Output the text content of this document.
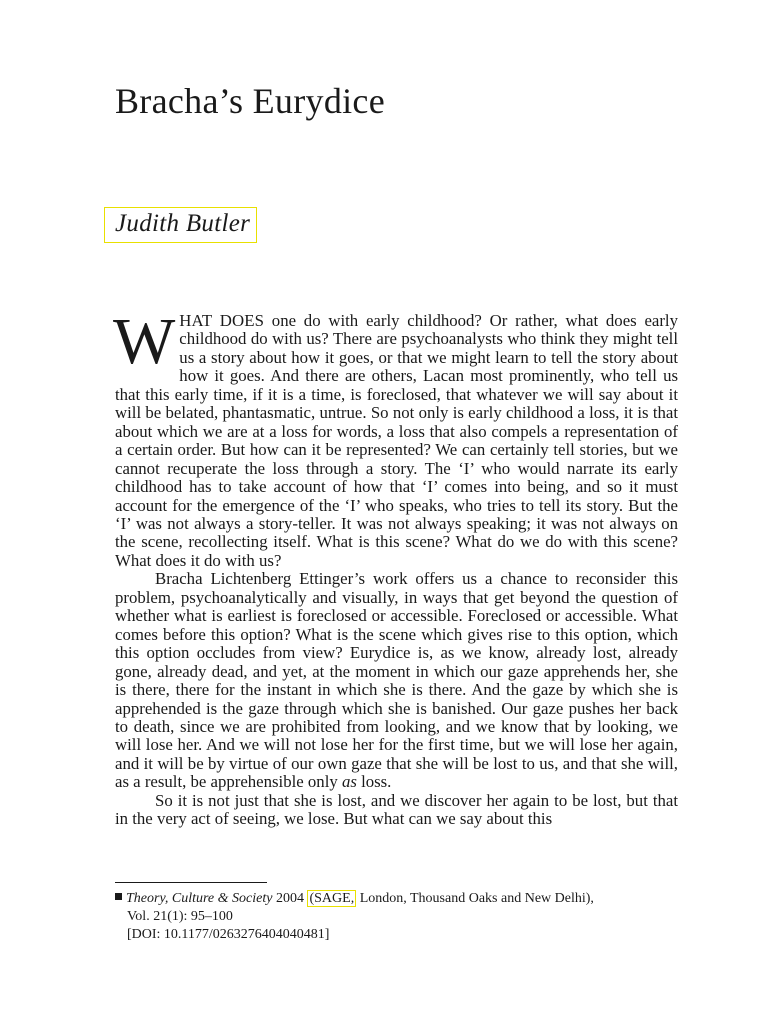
Bracha’s Eurydice
Judith Butler

WHAT DOES one do with early childhood? Or rather, what does early childhood do with us? There are psychoanalysts who think they might tell us a story about how it goes, or that we might learn to tell the story about how it goes. And there are others, Lacan most prominently, who tell us that this early time, if it is a time, is foreclosed, that whatever we will say about it will be belated, phantasmatic, untrue. So not only is early childhood a loss, it is that about which we are at a loss for words, a loss that also compels a representation of a certain order. But how can it be represented? We can certainly tell stories, but we cannot recuperate the loss through a story. The ‘I’ who would narrate its early childhood has to take account of how that ‘I’ comes into being, and so it must account for the emergence of the ‘I’ who speaks, who tries to tell its story. But the ‘I’ was not always a story-teller. It was not always speaking; it was not always on the scene, recollecting itself. What is this scene? What do we do with this scene? What does it do with us?

Bracha Lichtenberg Ettinger’s work offers us a chance to reconsider this problem, psychoanalytically and visually, in ways that get beyond the question of whether what is earliest is foreclosed or accessible. Foreclosed or accessible. What comes before this option? What is the scene which gives rise to this option, which this option occludes from view? Eurydice is, as we know, already lost, already gone, already dead, and yet, at the moment in which our gaze apprehends her, she is there, there for the instant in which she is there. And the gaze by which she is apprehended is the gaze through which she is banished. Our gaze pushes her back to death, since we are prohibited from looking, and we know that by looking, we will lose her. And we will not lose her for the first time, but we will lose her again, and it will be by virtue of our own gaze that she will be lost to us, and that she will, as a result, be apprehensible only as loss.

So it is not just that she is lost, and we discover her again to be lost, but that in the very act of seeing, we lose. But what can we say about this

Theory, Culture & Society 2004 (SAGE, London, Thousand Oaks and New Delhi),
Vol. 21(1): 95–100
[DOI: 10.1177/0263276404040481]
